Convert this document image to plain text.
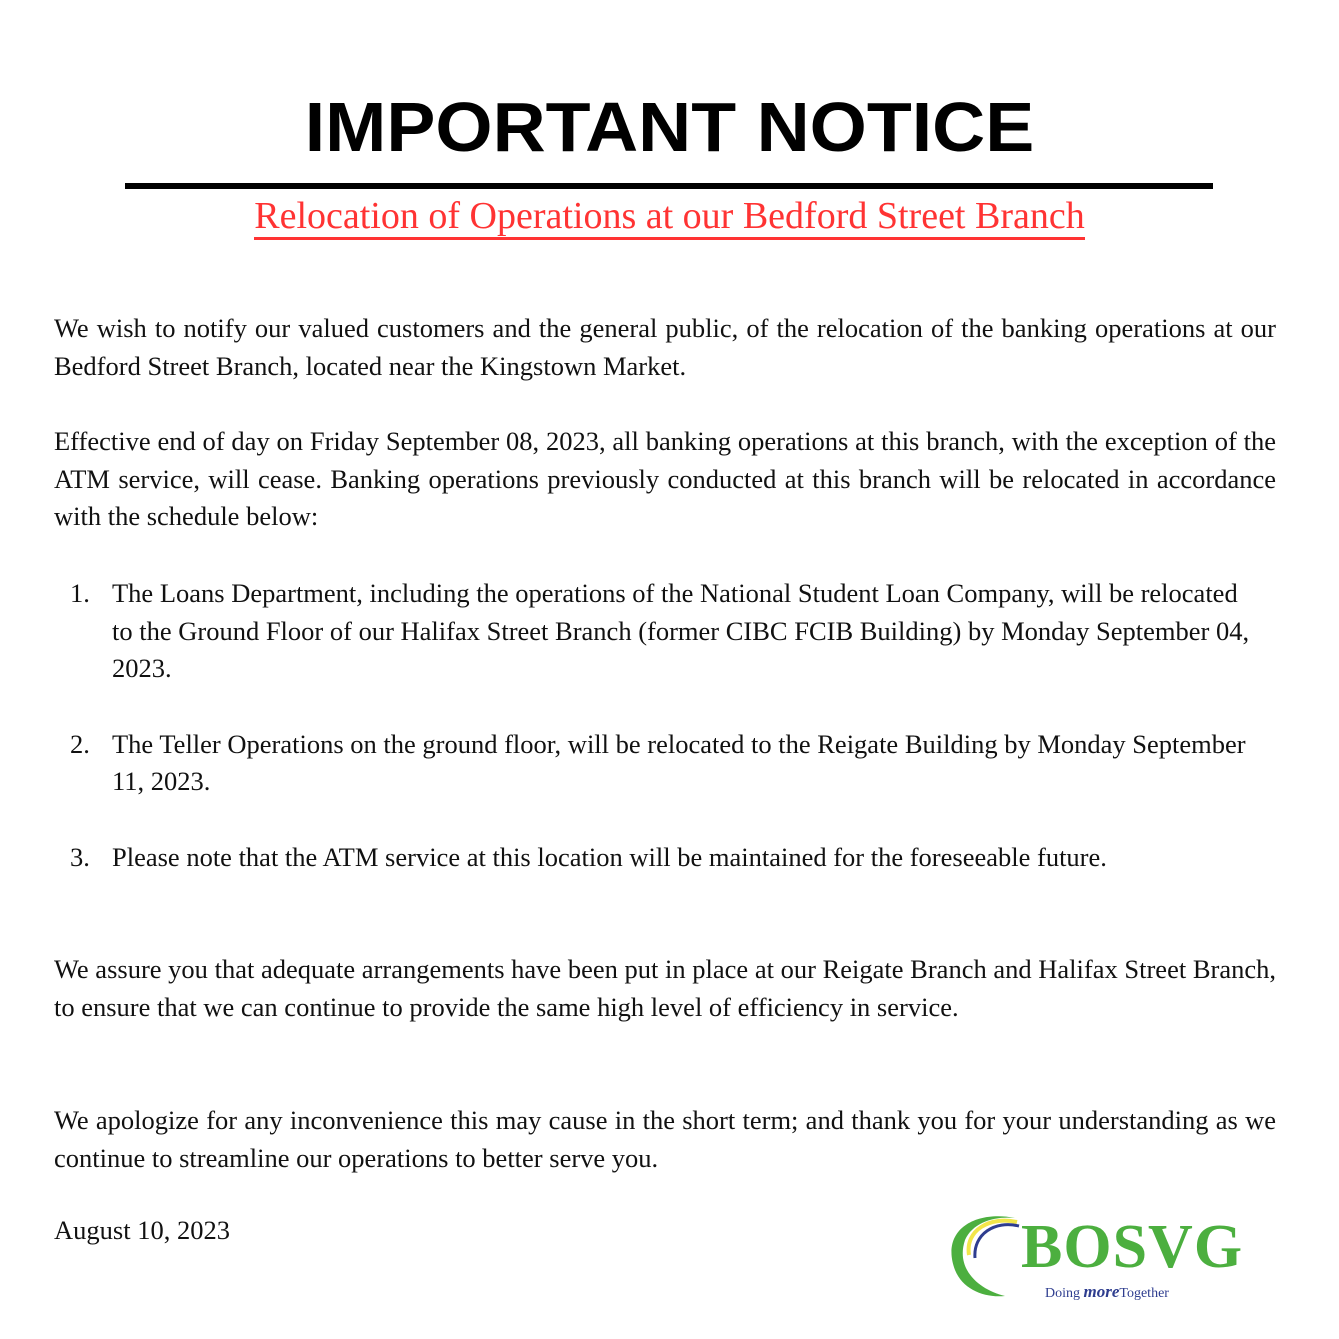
IMPORTANT NOTICE
Relocation of Operations at our Bedford Street Branch
We wish to notify our valued customers and the general public, of the relocation of the banking operations at our Bedford Street Branch, located near the Kingstown Market.
Effective end of day on Friday September 08, 2023, all banking operations at this branch, with the exception of the ATM service, will cease. Banking operations previously conducted at this branch will be relocated in accordance with the schedule below:
1. The Loans Department, including the operations of the National Student Loan Company, will be relocated to the Ground Floor of our Halifax Street Branch (former CIBC FCIB Building) by Monday September 04, 2023.
2. The Teller Operations on the ground floor, will be relocated to the Reigate Building by Monday September 11, 2023.
3. Please note that the ATM service at this location will be maintained for the foreseeable future.
We assure you that adequate arrangements have been put in place at our Reigate Branch and Halifax Street Branch, to ensure that we can continue to provide the same high level of efficiency in service.
We apologize for any inconvenience this may cause in the short term; and thank you for your understanding as we continue to streamline our operations to better serve you.
August 10, 2023	BOSVG
Doing moreTogether
